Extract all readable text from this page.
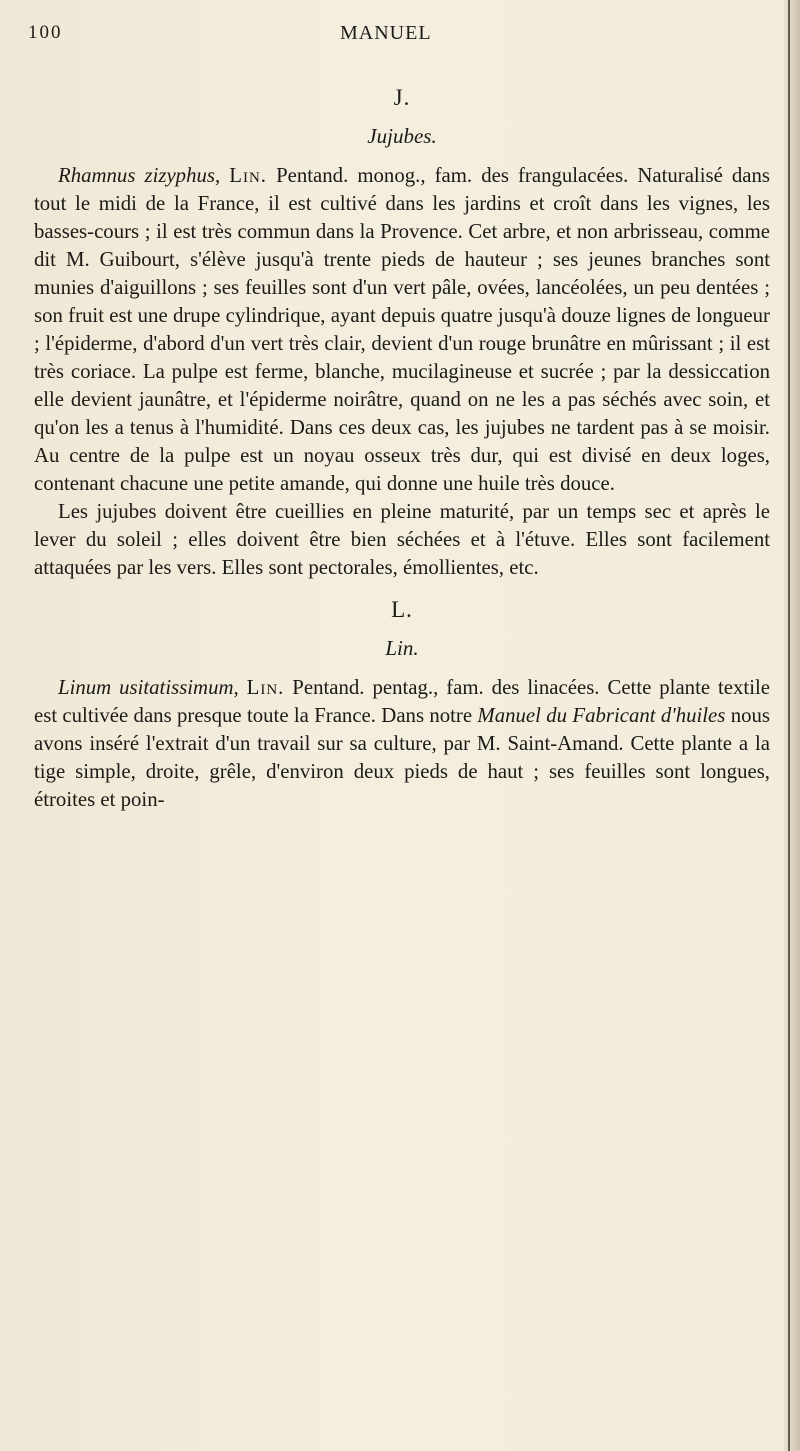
100	MANUEL
J.
Jujubes.

Rhamnus zizyphus, Lin. Pentand. monog., fam. des frangulacées. Naturalisé dans tout le midi de la France, il est cultivé dans les jardins et croît dans les vignes, les basses-cours ; il est très commun dans la Provence. Cet arbre, et non arbrisseau, comme dit M. Guibourt, s'élève jusqu'à trente pieds de hauteur ; ses jeunes branches sont munies d'aiguillons ; ses feuilles sont d'un vert pâle, ovées, lancéolées, un peu dentées ; son fruit est une drupe cylindrique, ayant depuis quatre jusqu'à douze lignes de longueur ; l'épiderme, d'abord d'un vert très clair, devient d'un rouge brunâtre en mûrissant ; il est très coriace. La pulpe est ferme, blanche, mucilagineuse et sucrée ; par la dessiccation elle devient jaunâtre, et l'épiderme noirâtre, quand on ne les a pas séchés avec soin, et qu'on les a tenus à l'humidité. Dans ces deux cas, les jujubes ne tardent pas à se moisir. Au centre de la pulpe est un noyau osseux très dur, qui est divisé en deux loges, contenant chacune une petite amande, qui donne une huile très douce.

Les jujubes doivent être cueillies en pleine maturité, par un temps sec et après le lever du soleil ; elles doivent être bien séchées et à l'étuve. Elles sont facilement attaquées par les vers. Elles sont pectorales, émollientes, etc.

L.
Lin.

Linum usitatissimum, Lin. Pentand. pentag., fam. des linacées. Cette plante textile est cultivée dans presque toute la France. Dans notre Manuel du Fabricant d'huiles nous avons inséré l'extrait d'un travail sur sa culture, par M. Saint-Amand. Cette plante a la tige simple, droite, grêle, d'environ deux pieds de haut ; ses feuilles sont longues, étroites et poin-
